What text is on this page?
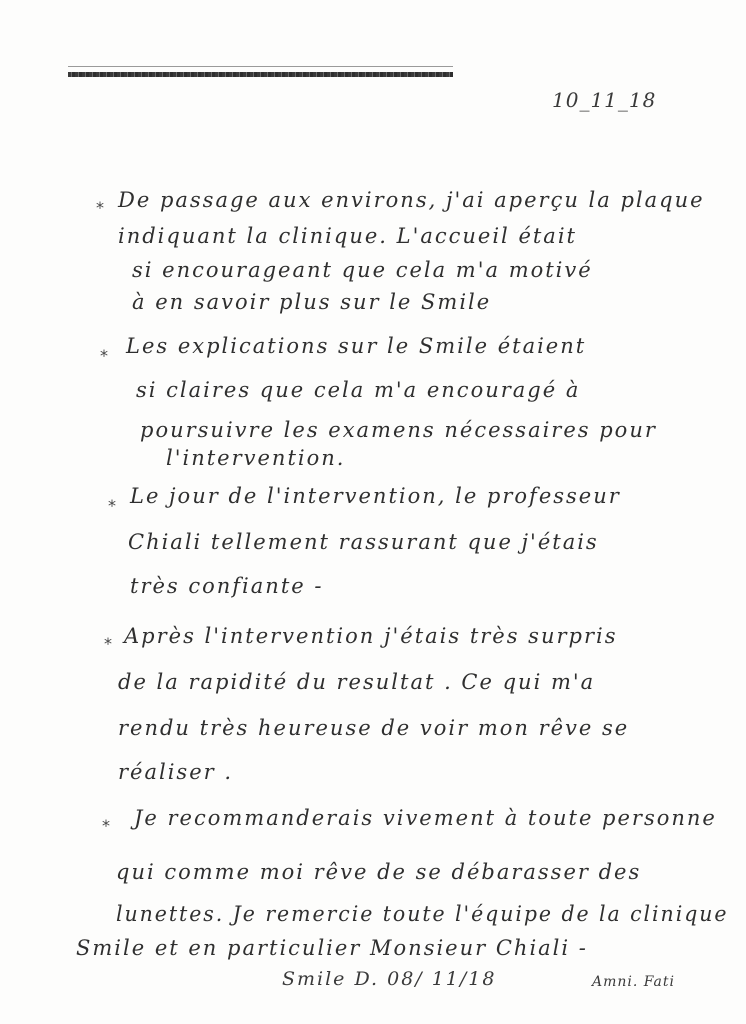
10_11_18
* De passage aux environs, j'ai aperçu la plaque
indiquant la clinique. L'accueil était
si encourageant que cela m'a motivé
à en savoir plus sur le Smile
* Les explications sur le Smile étaient
si claires que cela m'a encouragé à
poursuivre les examens nécessaires pour
l'intervention.
* Le jour de l'intervention, le professeur
Chiali tellement rassurant que j'étais
très confiante -
* Après l'intervention j'étais très surpris
de la rapidité du resultat . Ce qui m'a
rendu très heureuse de voir mon rêve se
réaliser .
* Je recommanderais vivement à toute personne
qui comme moi rêve de se débarasser des
lunettes. Je remercie toute l'équipe de la clinique
Smile et en particulier Monsieur Chiali -
Smile D. 08/ 11/18	Amni. Fati
